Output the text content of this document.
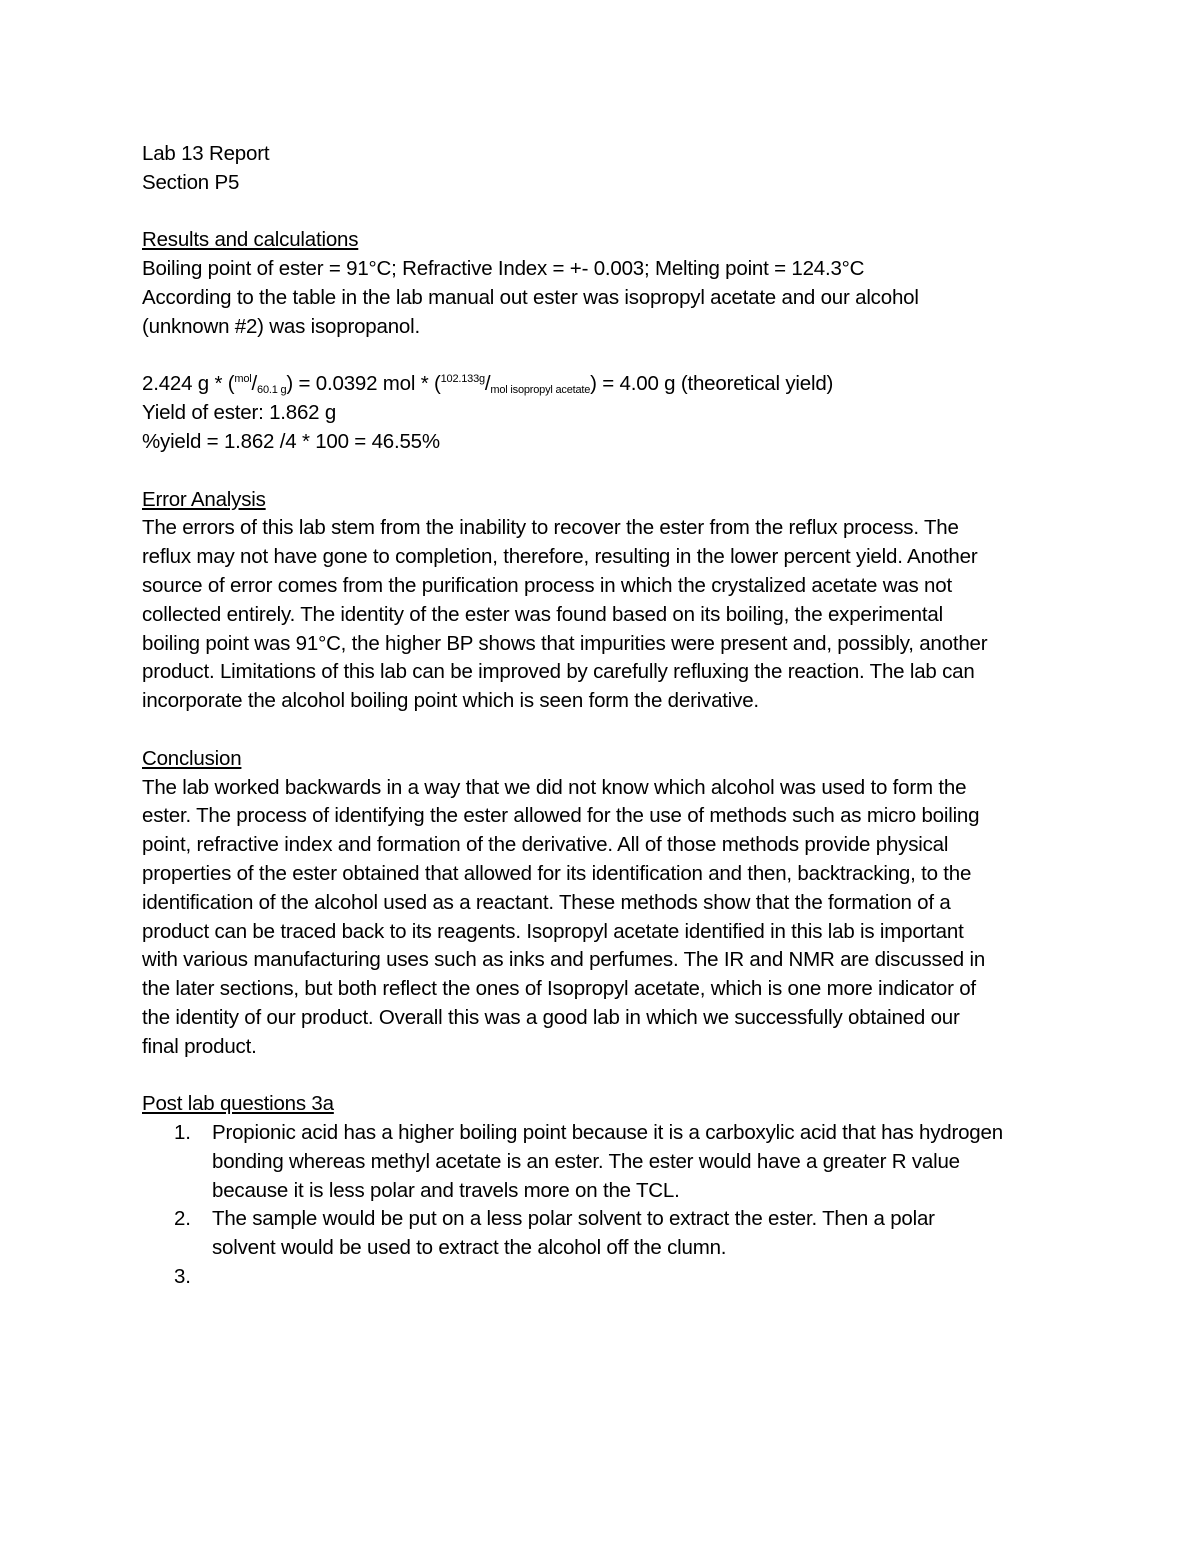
Lab 13 Report
Section P5
Results and calculations
Boiling point of ester = 91°C; Refractive Index = +- 0.003; Melting point = 124.3°C
According to the table in the lab manual out ester was isopropyl acetate and our alcohol
(unknown #2) was isopropanol.
2.424 $g * (^{mol}/_{60.1 g}) = 0.0392$ mol * $(^{102.133g}/_{mol isopropyl acetate}) = 4.00$ g (theoretical yield)
Yield of ester: 1.862 g
%yield = 1.862 /4 * 100 = 46.55%
Error Analysis
The errors of this lab stem from the inability to recover the ester from the reflux process. The
reflux may not have gone to completion, therefore, resulting in the lower percent yield. Another
source of error comes from the purification process in which the crystalized acetate was not
collected entirely. The identity of the ester was found based on its boiling, the experimental
boiling point was 91°C, the higher BP shows that impurities were present and, possibly, another
product. Limitations of this lab can be improved by carefully refluxing the reaction. The lab can
incorporate the alcohol boiling point which is seen form the derivative.
Conclusion
The lab worked backwards in a way that we did not know which alcohol was used to form the
ester. The process of identifying the ester allowed for the use of methods such as micro boiling
point, refractive index and formation of the derivative. All of those methods provide physical
properties of the ester obtained that allowed for its identification and then, backtracking, to the
identification of the alcohol used as a reactant. These methods show that the formation of a
product can be traced back to its reagents. Isopropyl acetate identified in this lab is important
with various manufacturing uses such as inks and perfumes. The IR and NMR are discussed in
the later sections, but both reflect the ones of Isopropyl acetate, which is one more indicator of
the identity of our product. Overall this was a good lab in which we successfully obtained our
final product.
Post lab questions 3a
1. Propionic acid has a higher boiling point because it is a carboxylic acid that has hydrogen
bonding whereas methyl acetate is an ester. The ester would have a greater R value
because it is less polar and travels more on the TCL.
2. The sample would be put on a less polar solvent to extract the ester. Then a polar
solvent would be used to extract the alcohol off the clumn.
3.
